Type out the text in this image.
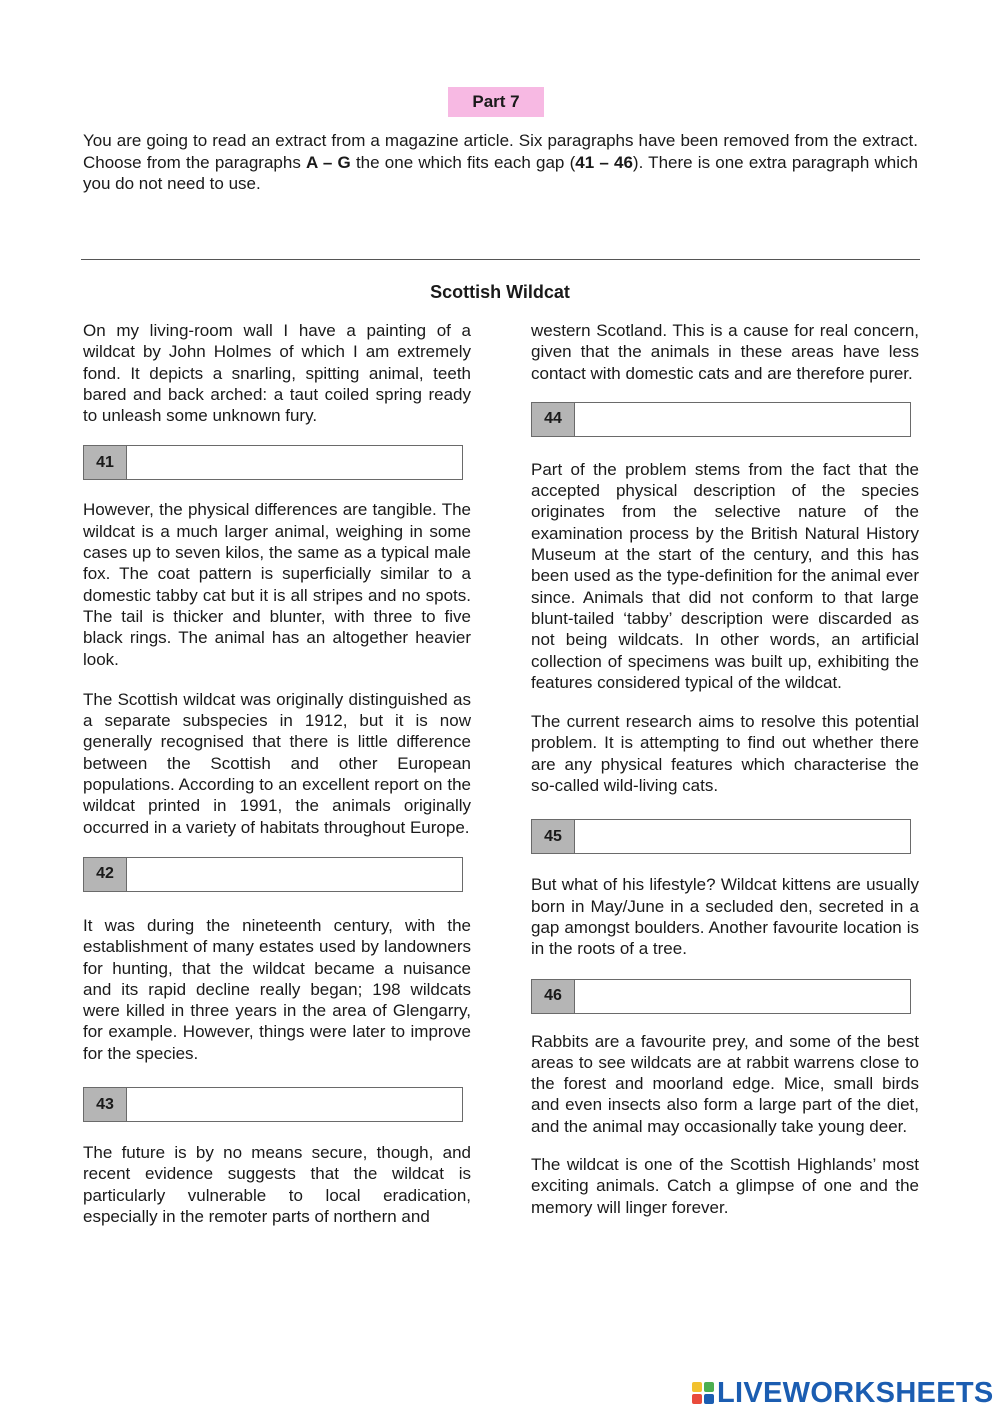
Part 7

You are going to read an extract from a magazine article. Six paragraphs have been removed from the extract. Choose from the paragraphs A – G the one which fits each gap (41 – 46). There is one extra paragraph which you do not need to use.

Scottish Wildcat

On my living-room wall I have a painting of a wildcat by John Holmes of which I am extremely fond. It depicts a snarling, spitting animal, teeth bared and back arched: a taut coiled spring ready to unleash some unknown fury.

41

However, the physical differences are tangible. The wildcat is a much larger animal, weighing in some cases up to seven kilos, the same as a typical male fox. The coat pattern is superficially similar to a domestic tabby cat but it is all stripes and no spots. The tail is thicker and blunter, with three to five black rings. The animal has an altogether heavier look.

The Scottish wildcat was originally distinguished as a separate subspecies in 1912, but it is now generally recognised that there is little difference between the Scottish and other European populations. According to an excellent report on the wildcat printed in 1991, the animals originally occurred in a variety of habitats throughout Europe.

42

It was during the nineteenth century, with the establishment of many estates used by landowners for hunting, that the wildcat became a nuisance and its rapid decline really began; 198 wildcats were killed in three years in the area of Glengarry, for example. However, things were later to improve for the species.

43

The future is by no means secure, though, and recent evidence suggests that the wildcat is particularly vulnerable to local eradication, especially in the remoter parts of northern and

western Scotland. This is a cause for real concern, given that the animals in these areas have less contact with domestic cats and are therefore purer.

44

Part of the problem stems from the fact that the accepted physical description of the species originates from the selective nature of the examination process by the British Natural History Museum at the start of the century, and this has been used as the type-definition for the animal ever since. Animals that did not conform to that large blunt-tailed ‘tabby’ description were discarded as not being wildcats. In other words, an artificial collection of specimens was built up, exhibiting the features considered typical of the wildcat.

The current research aims to resolve this potential problem. It is attempting to find out whether there are any physical features which characterise the so-called wild-living cats.

45

But what of his lifestyle? Wildcat kittens are usually born in May/June in a secluded den, secreted in a gap amongst boulders. Another favourite location is in the roots of a tree.

46

Rabbits are a favourite prey, and some of the best areas to see wildcats are at rabbit warrens close to the forest and moorland edge. Mice, small birds and even insects also form a large part of the diet, and the animal may occasionally take young deer.

The wildcat is one of the Scottish Highlands’ most exciting animals. Catch a glimpse of one and the memory will linger forever.

LIVEWORKSHEETS
